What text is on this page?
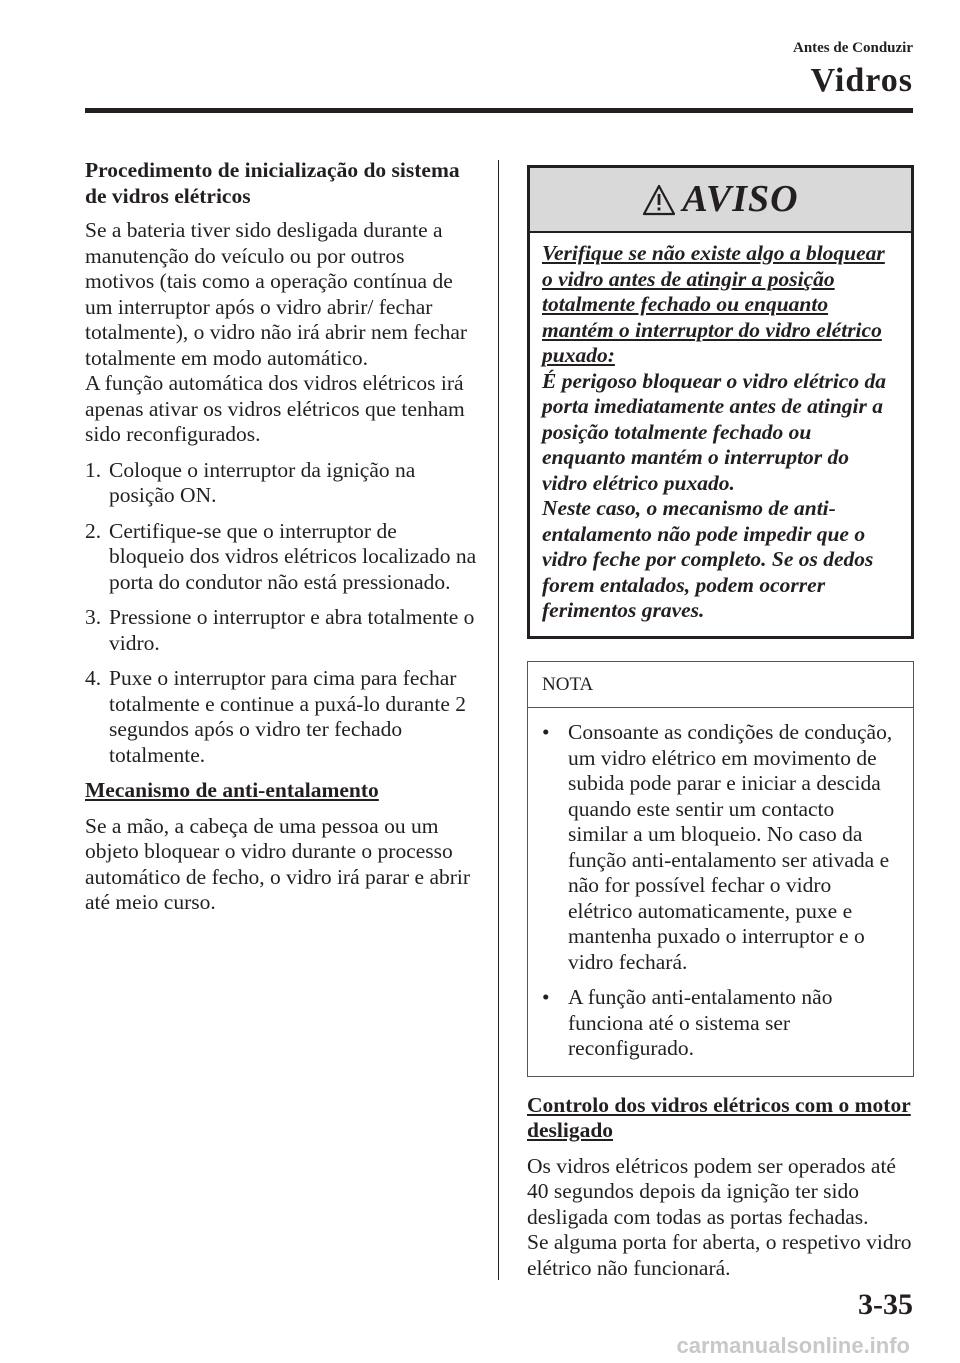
Antes de Conduzir
Vidros

Procedimento de inicialização do sistema de vidros elétricos

Se a bateria tiver sido desligada durante a manutenção do veículo ou por outros motivos (tais como a operação contínua de um interruptor após o vidro abrir/ fechar totalmente), o vidro não irá abrir nem fechar totalmente em modo automático.
A função automática dos vidros elétricos irá apenas ativar os vidros elétricos que tenham sido reconfigurados.

1. Coloque o interruptor da ignição na posição ON.
2. Certifique-se que o interruptor de bloqueio dos vidros elétricos localizado na porta do condutor não está pressionado.
3. Pressione o interruptor e abra totalmente o vidro.
4. Puxe o interruptor para cima para fechar totalmente e continue a puxá-lo durante 2 segundos após o vidro ter fechado totalmente.

Mecanismo de anti-entalamento

Se a mão, a cabeça de uma pessoa ou um objeto bloquear o vidro durante o processo automático de fecho, o vidro irá parar e abrir até meio curso.

AVISO

Verifique se não existe algo a bloquear o vidro antes de atingir a posição totalmente fechado ou enquanto mantém o interruptor do vidro elétrico puxado:

É perigoso bloquear o vidro elétrico da porta imediatamente antes de atingir a posição totalmente fechado ou enquanto mantém o interruptor do vidro elétrico puxado.

Neste caso, o mecanismo de anti-entalamento não pode impedir que o vidro feche por completo. Se os dedos forem entalados, podem ocorrer ferimentos graves.

NOTA
• Consoante as condições de condução, um vidro elétrico em movimento de subida pode parar e iniciar a descida quando este sentir um contacto similar a um bloqueio. No caso da função anti-entalamento ser ativada e não for possível fechar o vidro elétrico automaticamente, puxe e mantenha puxado o interruptor e o vidro fechará.
• A função anti-entalamento não funciona até o sistema ser reconfigurado.

Controlo dos vidros elétricos com o motor desligado

Os vidros elétricos podem ser operados até 40 segundos depois da ignição ter sido desligada com todas as portas fechadas.
Se alguma porta for aberta, o respetivo vidro elétrico não funcionará.

3-35
carmanualsonline.info
